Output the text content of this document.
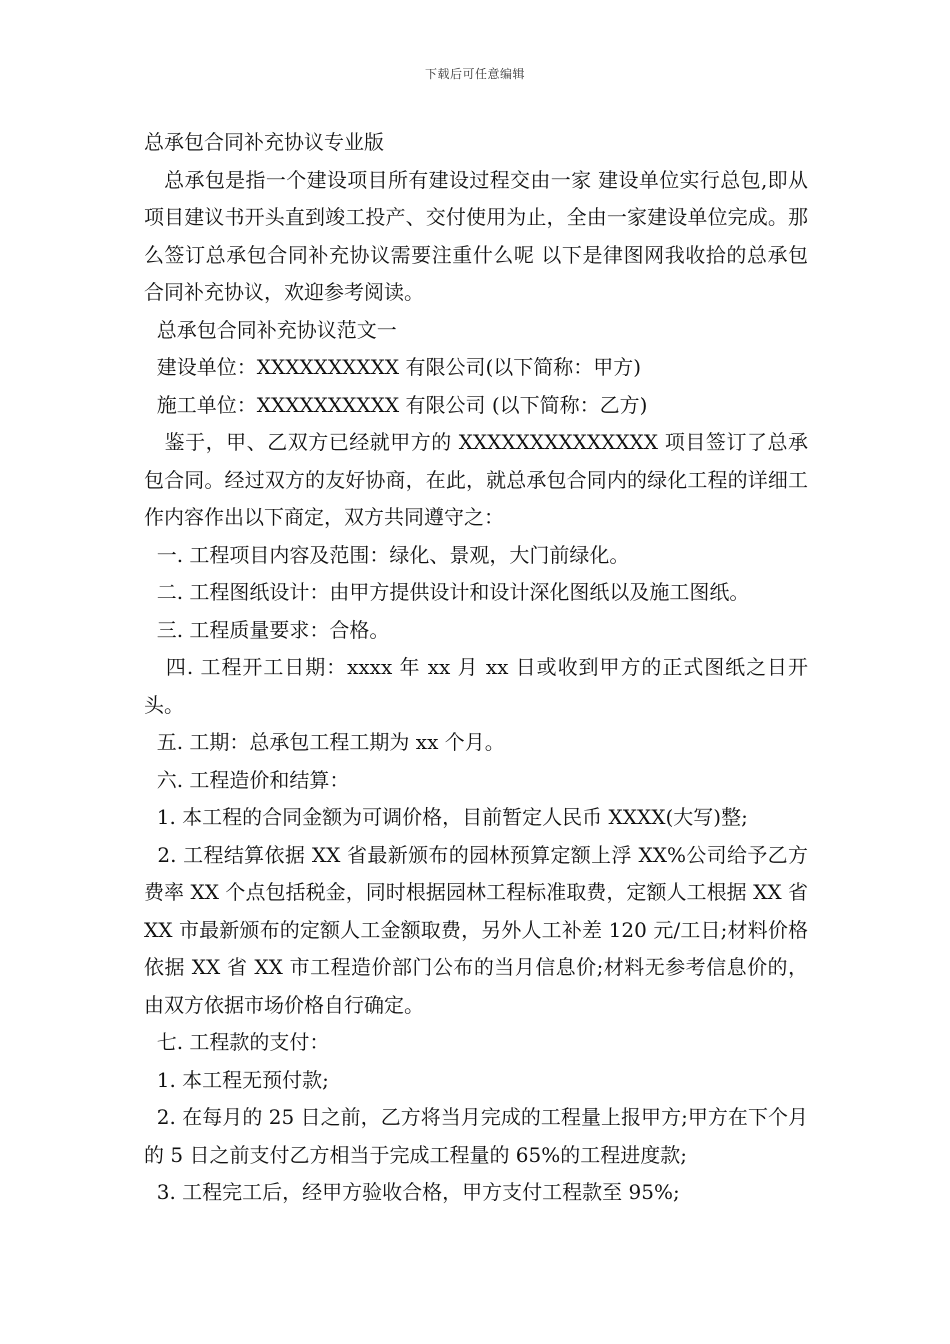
下载后可任意编辑

总承包合同补充协议专业版

总承包是指一个建设项目所有建设过程交由一家 建设单位实行总包,即从项目建议书开头直到竣工投产、交付使用为止，全由一家建设单位完成。那么签订总承包合同补充协议需要注重什么呢 以下是律图网我收拾的总承包合同补充协议，欢迎参考阅读。

总承包合同补充协议范文一

建设单位：XXXXXXXXXX 有限公司(以下简称：甲方)

施工单位：XXXXXXXXXX 有限公司 (以下简称：乙方)

鉴于，甲、乙双方已经就甲方的 XXXXXXXXXXXXXX 项目签订了总承包合同。经过双方的友好协商，在此，就总承包合同内的绿化工程的详细工作内容作出以下商定，双方共同遵守之：

一. 工程项目内容及范围：绿化、景观，大门前绿化。

二. 工程图纸设计：由甲方提供设计和设计深化图纸以及施工图纸。

三. 工程质量要求：合格。

四. 工程开工日期：xxxx 年 xx 月 xx 日或收到甲方的正式图纸之日开头。

五. 工期：总承包工程工期为 xx 个月。

六. 工程造价和结算：

1. 本工程的合同金额为可调价格，目前暂定人民币 XXXX(大写)整;

2. 工程结算依据 XX 省最新颁布的园林预算定额上浮 XX%公司给予乙方费率 XX 个点包括税金，同时根据园林工程标准取费，定额人工根据 XX 省 XX 市最新颁布的定额人工金额取费，另外人工补差 120 元/工日;材料价格依据 XX 省 XX 市工程造价部门公布的当月信息价;材料无参考信息价的，由双方依据市场价格自行确定。

七. 工程款的支付：

1. 本工程无预付款;

2. 在每月的 25 日之前，乙方将当月完成的工程量上报甲方;甲方在下个月的 5 日之前支付乙方相当于完成工程量的 65%的工程进度款;

3. 工程完工后，经甲方验收合格，甲方支付工程款至 95%;
